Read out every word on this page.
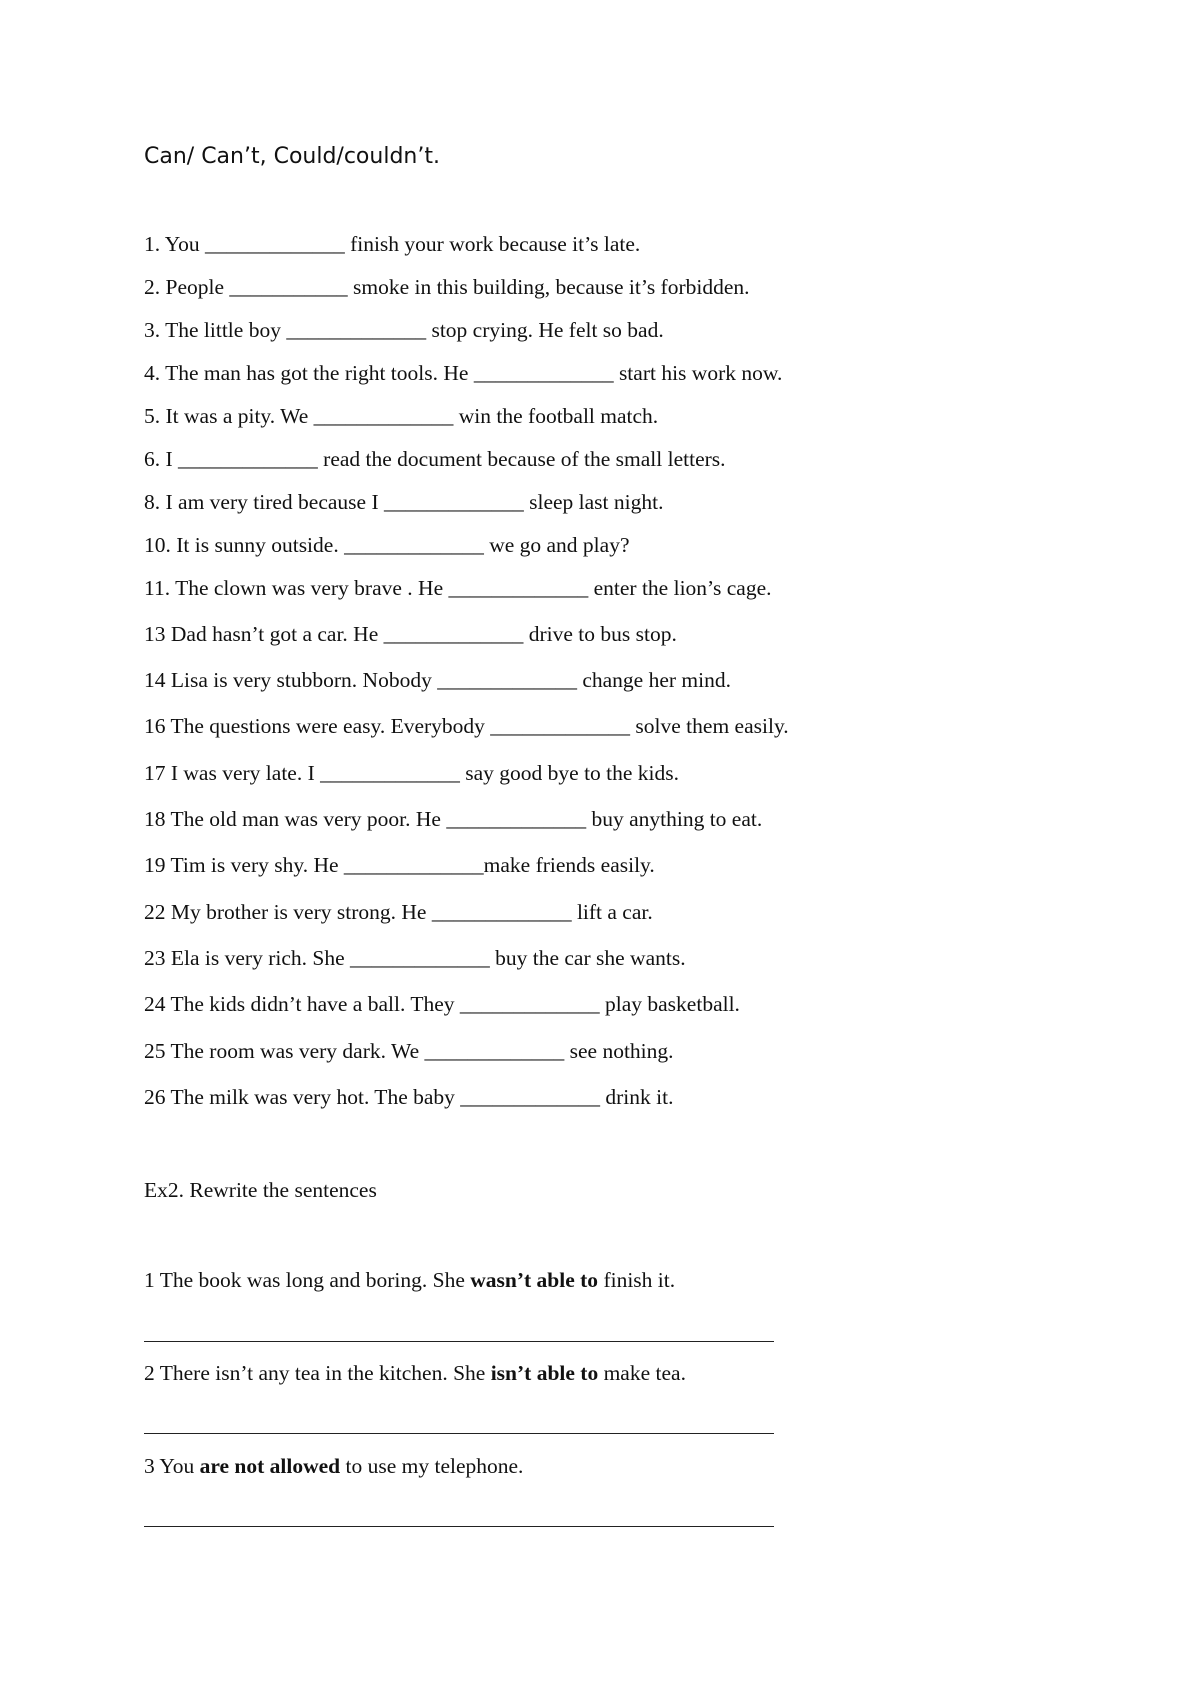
Can/ Can’t, Could/couldn’t.
1. You _____________ finish your work because it’s late.
2. People ___________ smoke in this building, because it’s forbidden.
3. The little boy _____________ stop crying. He felt so bad.
4. The man has got the right tools. He _____________ start his work now.
5. It was a pity. We _____________ win the football match.
6. I _____________ read the document because of the small letters.
8. I am very tired because I _____________ sleep last night.
10. It is sunny outside. _____________ we go and play?
11. The clown was very brave . He _____________ enter the lion’s cage.
13 Dad hasn’t got a car. He _____________ drive to bus stop.
14 Lisa is very stubborn. Nobody _____________ change her mind.
16 The questions were easy. Everybody _____________ solve them easily.
17 I was very late. I _____________ say good bye to the kids.
18 The old man was very poor. He _____________ buy anything to eat.
19 Tim is very shy. He _____________make friends easily.
22 My brother is very strong. He _____________ lift a car.
23 Ela is very rich. She _____________ buy the car she wants.
24 The kids didn’t have a ball. They _____________ play basketball.
25 The room was very dark. We _____________ see nothing.
26 The milk was very hot. The baby _____________ drink it.
Ex2. Rewrite the sentences
1 The book was long and boring. She wasn’t able to finish it.
2 There isn’t any tea in the kitchen. She isn’t able to make tea.
3 You are not allowed to use my telephone.
